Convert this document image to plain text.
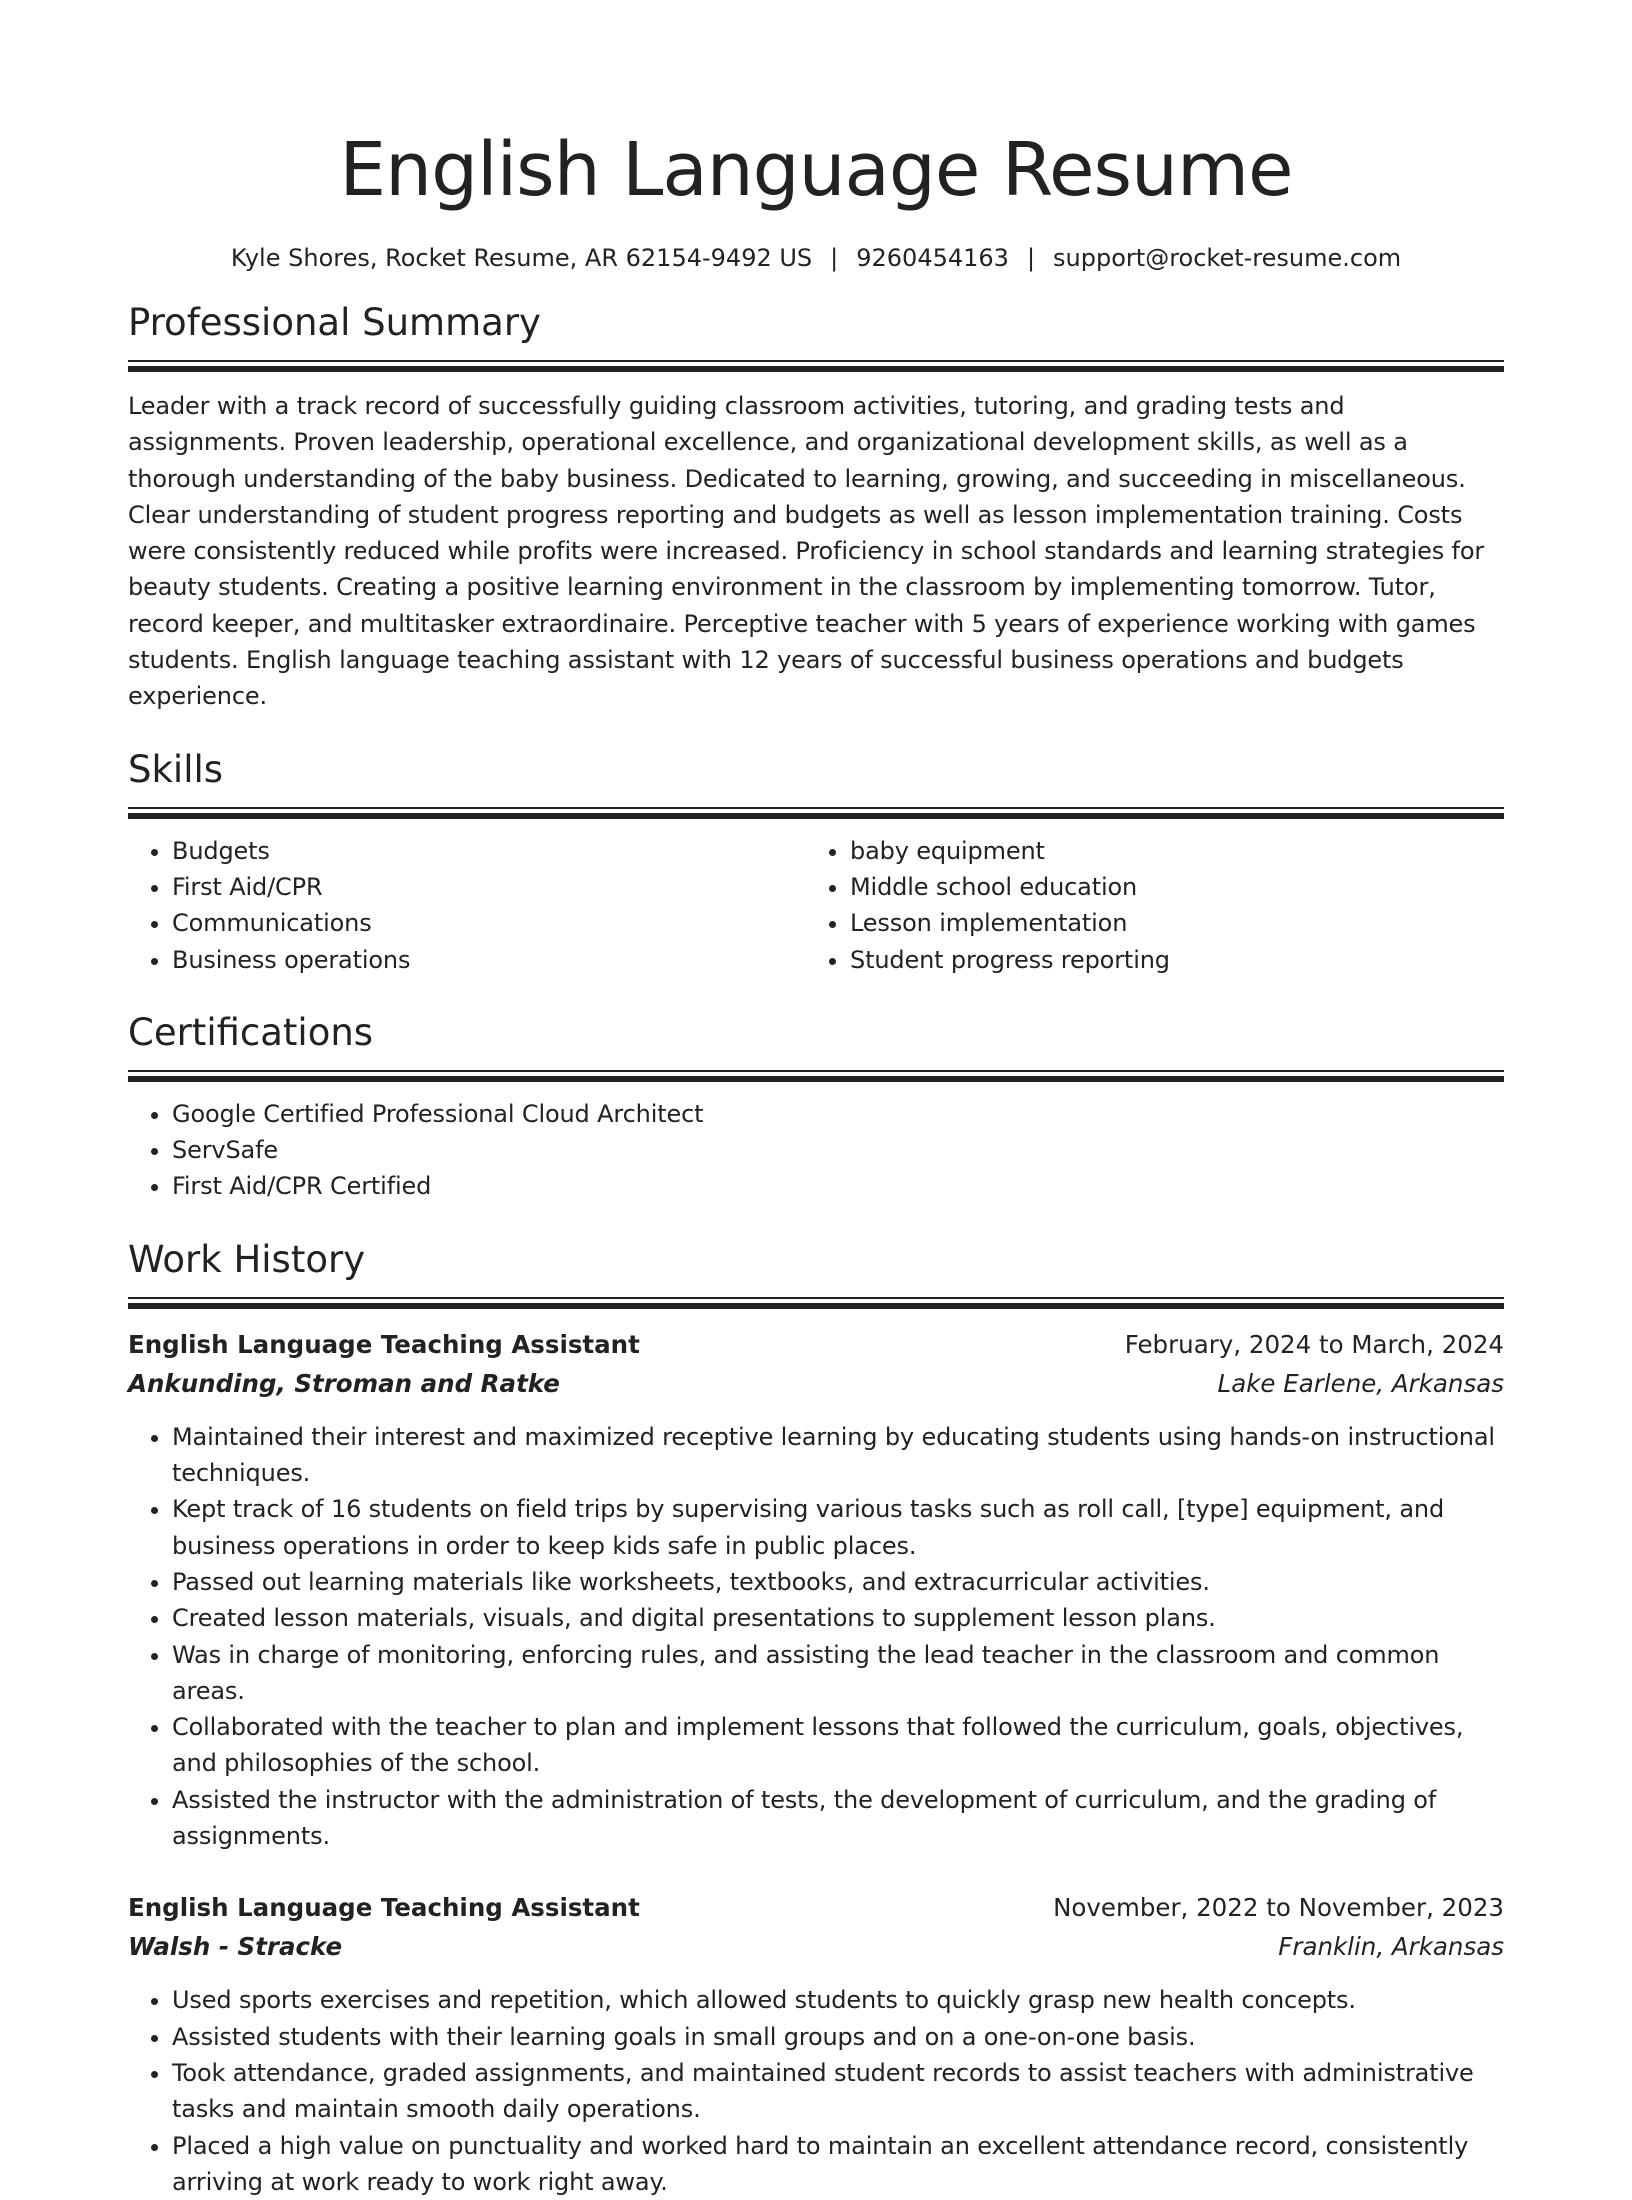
English Language Resume
Kyle Shores, Rocket Resume, AR 62154-9492 US | 9260454163 | support@rocket-resume.com
Professional Summary

Leader with a track record of successfully guiding classroom activities, tutoring, and grading tests and assignments. Proven leadership, operational excellence, and organizational development skills, as well as a thorough understanding of the baby business. Dedicated to learning, growing, and succeeding in miscellaneous. Clear understanding of student progress reporting and budgets as well as lesson implementation training. Costs were consistently reduced while profits were increased. Proficiency in school standards and learning strategies for beauty students. Creating a positive learning environment in the classroom by implementing tomorrow. Tutor, record keeper, and multitasker extraordinaire. Perceptive teacher with 5 years of experience working with games students. English language teaching assistant with 12 years of successful business operations and budgets experience.

Skills
• Budgets
• First Aid/CPR
• Communications
• Business operations
• baby equipment
• Middle school education
• Lesson implementation
• Student progress reporting
Certifications
• Google Certified Professional Cloud Architect
• ServSafe
• First Aid/CPR Certified
Work History
English Language Teaching Assistant	February, 2024 to March, 2024
Ankunding, Stroman and Ratke	Lake Earlene, Arkansas
• Maintained their interest and maximized receptive learning by educating students using hands-on instructional techniques.
• Kept track of 16 students on field trips by supervising various tasks such as roll call, [type] equipment, and business operations in order to keep kids safe in public places.
• Passed out learning materials like worksheets, textbooks, and extracurricular activities.
• Created lesson materials, visuals, and digital presentations to supplement lesson plans.
• Was in charge of monitoring, enforcing rules, and assisting the lead teacher in the classroom and common areas.
• Collaborated with the teacher to plan and implement lessons that followed the curriculum, goals, objectives, and philosophies of the school.
• Assisted the instructor with the administration of tests, the development of curriculum, and the grading of assignments.
English Language Teaching Assistant	November, 2022 to November, 2023
Walsh - Stracke	Franklin, Arkansas
• Used sports exercises and repetition, which allowed students to quickly grasp new health concepts.
• Assisted students with their learning goals in small groups and on a one-on-one basis.
• Took attendance, graded assignments, and maintained student records to assist teachers with administrative tasks and maintain smooth daily operations.
• Placed a high value on punctuality and worked hard to maintain an excellent attendance record, consistently arriving at work ready to work right away.
